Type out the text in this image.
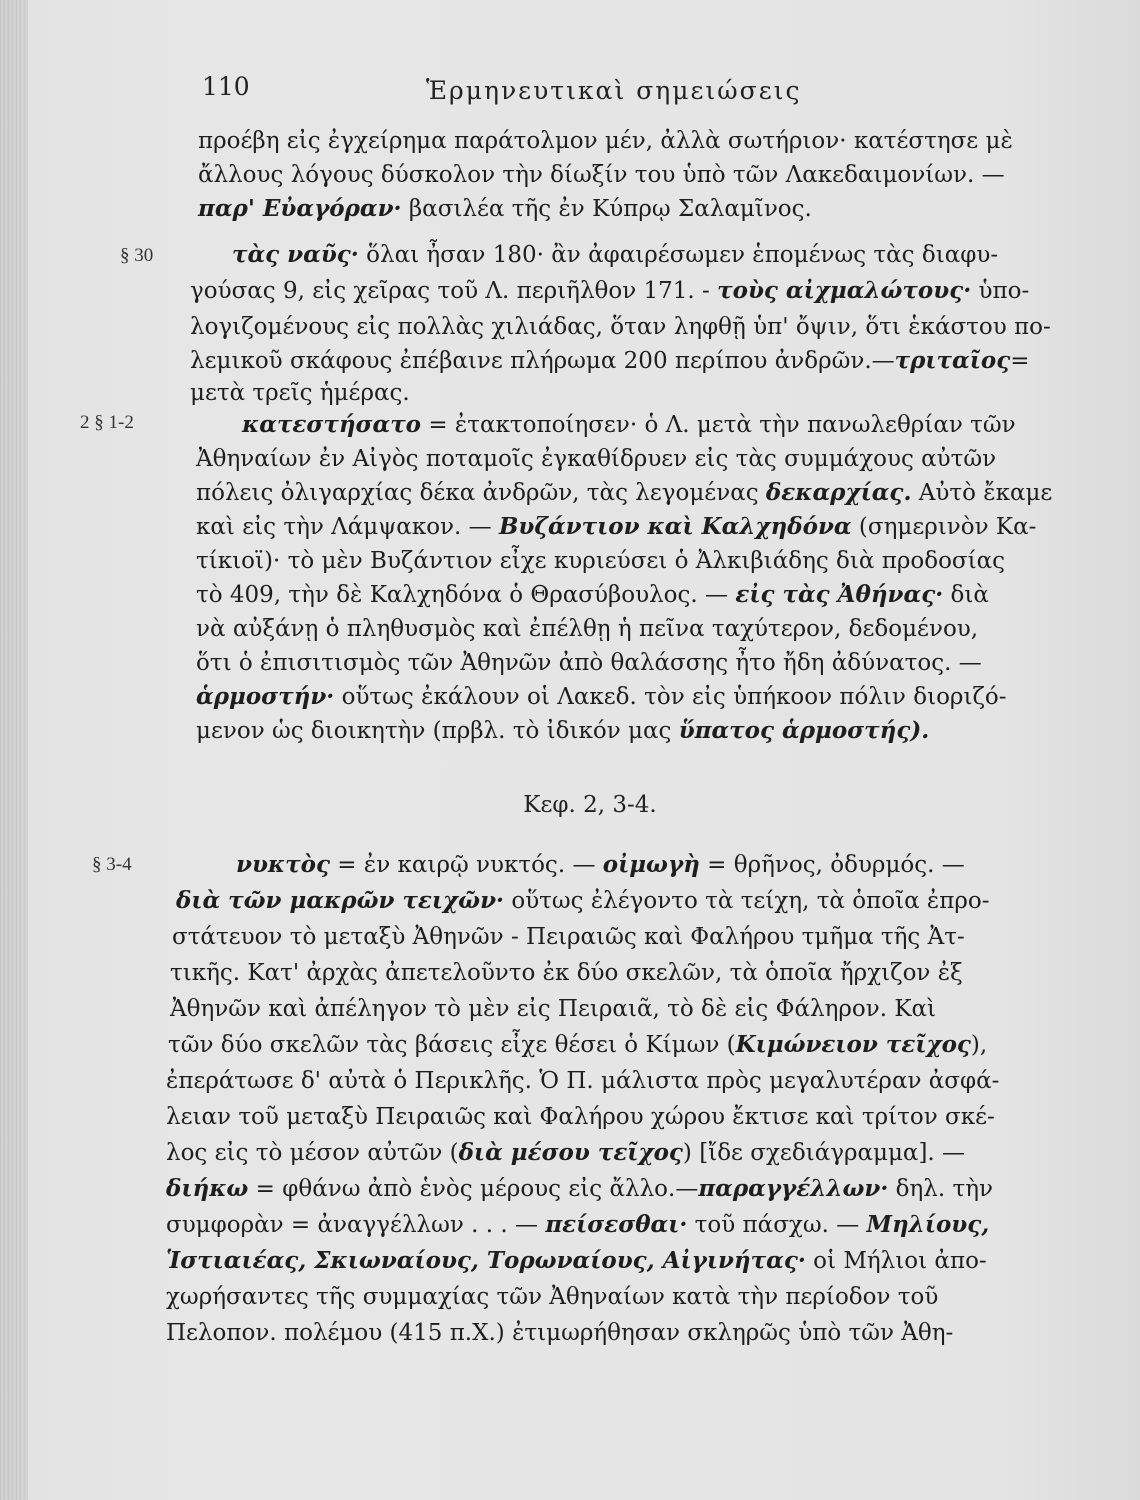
110	Ἑρμηνευτικαὶ σημειώσεις
προέβη εἰς ἐγχείρημα παράτολμον μέν, ἀλλὰ σωτήριον· κατέστησε μὲ
ἄλλους λόγους δύσκολον τὴν δίωξίν του ὑπὸ τῶν Λακεδαιμονίων. —
παρ' Εὐαγόραν· βασιλέα τῆς ἐν Κύπρῳ Σαλαμῖνος.
§ 30	τὰς ναῦς· ὅλαι ἦσαν 180· ἂν ἀφαιρέσωμεν ἑπομένως τὰς διαφυ-
γούσας 9, εἰς χεῖρας τοῦ Λ. περιῆλθον 171. - τοὺς αἰχμαλώτους· ὑπο-
λογιζομένους εἰς πολλὰς χιλιάδας, ὅταν ληφθῇ ὑπ' ὄψιν, ὅτι ἑκάστου πο-
λεμικοῦ σκάφους ἐπέβαινε πλήρωμα 200 περίπου ἀνδρῶν.—τριταῖος=
μετὰ τρεῖς ἡμέρας.
2 § 1-2	κατεστήσατο = ἐτακτοποίησεν· ὁ Λ. μετὰ τὴν πανωλεθρίαν τῶν
Ἀθηναίων ἐν Αἰγὸς ποταμοῖς ἐγκαθίδρυεν εἰς τὰς συμμάχους αὐτῶν
πόλεις ὀλιγαρχίας δέκα ἀνδρῶν, τὰς λεγομένας δεκαρχίας. Αὐτὸ ἔκαμε
καὶ εἰς τὴν Λάμψακον. — Βυζάντιον καὶ Καλχηδόνα (σημερινὸν Κα-
τίκιοϊ)· τὸ μὲν Βυζάντιον εἶχε κυριεύσει ὁ Ἀλκιβιάδης διὰ προδοσίας
τὸ 409, τὴν δὲ Καλχηδόνα ὁ Θρασύβουλος. — εἰς τὰς Ἀθήνας· διὰ
νὰ αὐξάνῃ ὁ πληθυσμὸς καὶ ἐπέλθῃ ἡ πεῖνα ταχύτερον, δεδομένου,
ὅτι ὁ ἐπισιτισμὸς τῶν Ἀθηνῶν ἀπὸ θαλάσσης ἦτο ἤδη ἀδύνατος. —
ἁρμοστήν· οὕτως ἐκάλουν οἱ Λακεδ. τὸν εἰς ὑπήκοον πόλιν διοριζό-
μενον ὡς διοικητὴν (πρβλ. τὸ ἰδικόν μας ὕπατος ἁρμοστής).
Κεφ. 2, 3-4.
§ 3-4	νυκτὸς = ἐν καιρῷ νυκτός. — οἰμωγὴ = θρῆνος, ὀδυρμός. —
διὰ τῶν μακρῶν τειχῶν· οὕτως ἐλέγοντο τὰ τείχη, τὰ ὁποῖα ἐπρο-
στάτευον τὸ μεταξὺ Ἀθηνῶν - Πειραιῶς καὶ Φαλήρου τμῆμα τῆς Ἀτ-
τικῆς. Κατ' ἀρχὰς ἀπετελοῦντο ἐκ δύο σκελῶν, τὰ ὁποῖα ἤρχιζον ἐξ
Ἀθηνῶν καὶ ἀπέληγον τὸ μὲν εἰς Πειραιᾶ, τὸ δὲ εἰς Φάληρον. Καὶ
τῶν δύο σκελῶν τὰς βάσεις εἶχε θέσει ὁ Κίμων (Κιμώνειον τεῖχος),
ἐπεράτωσε δ' αὐτὰ ὁ Περικλῆς. Ὁ Π. μάλιστα πρὸς μεγαλυτέραν ἀσφά-
λειαν τοῦ μεταξὺ Πειραιῶς καὶ Φαλήρου χώρου ἔκτισε καὶ τρίτον σκέ-
λος εἰς τὸ μέσον αὐτῶν (διὰ μέσου τεῖχος) [ἴδε σχεδιάγραμμα]. —
διήκω = φθάνω ἀπὸ ἑνὸς μέρους εἰς ἄλλο.—παραγγέλλων· δηλ. τὴν
συμφορὰν = ἀναγγέλλων . . . — πείσεσθαι· τοῦ πάσχω. — Μηλίους,
Ἱστιαιέας, Σκιωναίους, Τορωναίους, Αἰγινήτας· οἱ Μήλιοι ἀπο-
χωρήσαντες τῆς συμμαχίας τῶν Ἀθηναίων κατὰ τὴν περίοδον τοῦ
Πελοπον. πολέμου (415 π.Χ.) ἐτιμωρήθησαν σκληρῶς ὑπὸ τῶν Ἀθη-
